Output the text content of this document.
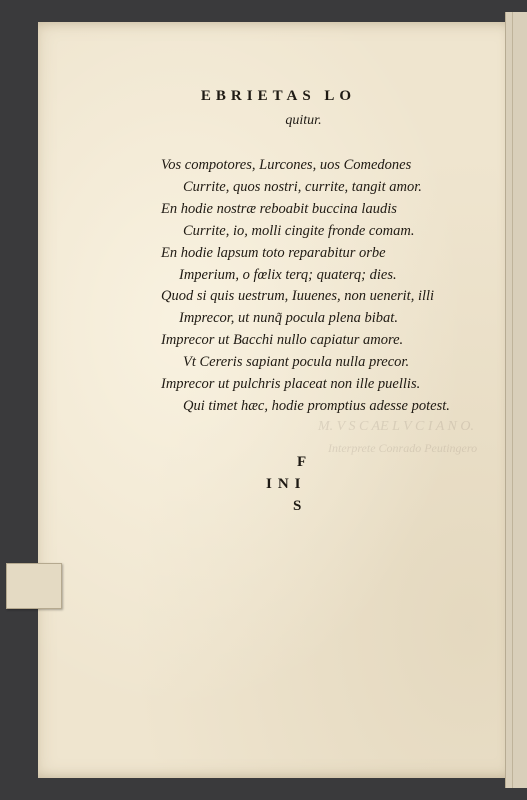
M. V S C AE L V C I A N O.
Interprete Conrado Peutingero
EBRIETAS LO
quitur.
Vos compotores, Lurcones, uos Comedones
Currite, quos nostri, currite, tangit amor.
En hodie nostræ reboabit buccina laudis
Currite, io, molli cingite fronde comam.
En hodie lapsum toto reparabitur orbe
Imperium, o fœlix terq; quaterq; dies.
Quod si quis uestrum, Iuuenes, non uenerit, illi
Imprecor, ut nunq̃ pocula plena bibat.
Imprecor ut Bacchi nullo capiatur amore.
Vt Cereris sapiant pocula nulla precor.
Imprecor ut pulchris placeat non ille puellis.
Qui timet hæc, hodie promptius adesse potest.
F
INI
S
